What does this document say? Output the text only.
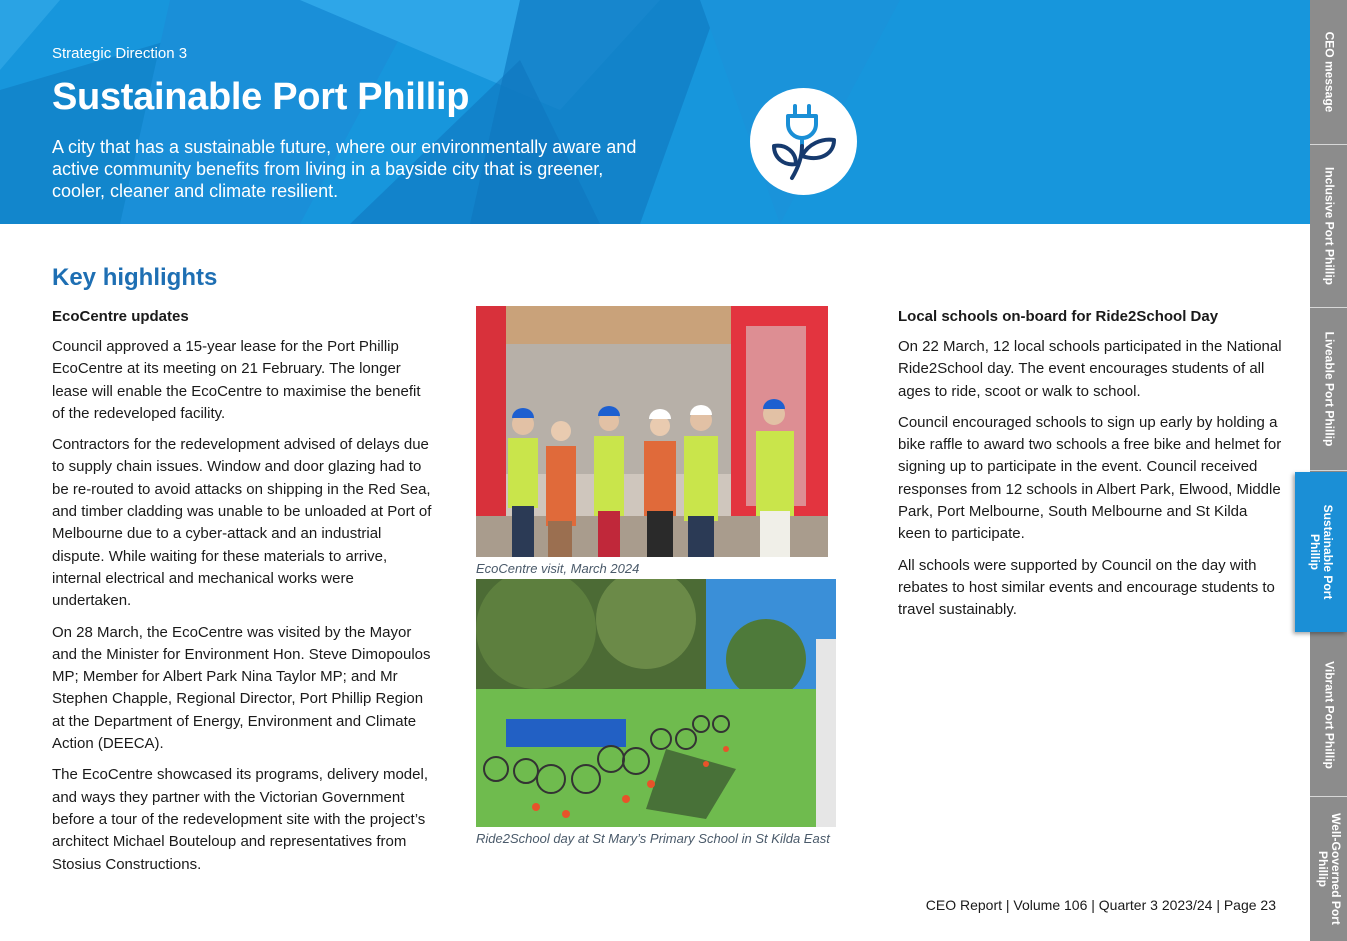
Strategic Direction 3
Sustainable Port Phillip

A city that has a sustainable future, where our environmentally aware and active community benefits from living in a bayside city that is greener, cooler, cleaner and climate resilient.

CEO message
Inclusive Port Phillip
Liveable Port Phillip
Sustainable Port Phillip
Vibrant Port Phillip
Well-Governed Port Phillip
Key highlights
EcoCentre updates

Council approved a 15-year lease for the Port Phillip EcoCentre at its meeting on 21 February. The longer lease will enable the EcoCentre to maximise the benefit of the redeveloped facility.

Contractors for the redevelopment advised of delays due to supply chain issues. Window and door glazing had to be re-routed to avoid attacks on shipping in the Red Sea, and timber cladding was unable to be unloaded at Port of Melbourne due to a cyber-attack and an industrial dispute. While waiting for these materials to arrive, internal electrical and mechanical works were undertaken.

On 28 March, the EcoCentre was visited by the Mayor and the Minister for Environment Hon. Steve Dimopoulos MP; Member for Albert Park Nina Taylor MP; and Mr Stephen Chapple, Regional Director, Port Phillip Region at the Department of Energy, Environment and Climate Action (DEECA).

The EcoCentre showcased its programs, delivery model, and ways they partner with the Victorian Government before a tour of the redevelopment site with the project’s architect Michael Bouteloup and representatives from Stosius Constructions.

EcoCentre visit, March 2024
Ride2School day at St Mary’s Primary School in St Kilda East
Local schools on-board for Ride2School Day

On 22 March, 12 local schools participated in the National Ride2School day. The event encourages students of all ages to ride, scoot or walk to school.

Council encouraged schools to sign up early by holding a bike raffle to award two schools a free bike and helmet for signing up to participate in the event. Council received responses from 12 schools in Albert Park, Elwood, Middle Park, Port Melbourne, South Melbourne and St Kilda keen to participate.

All schools were supported by Council on the day with rebates to host similar events and encourage students to travel sustainably.

CEO Report | Volume 106 | Quarter 3 2023/24 | Page 23
